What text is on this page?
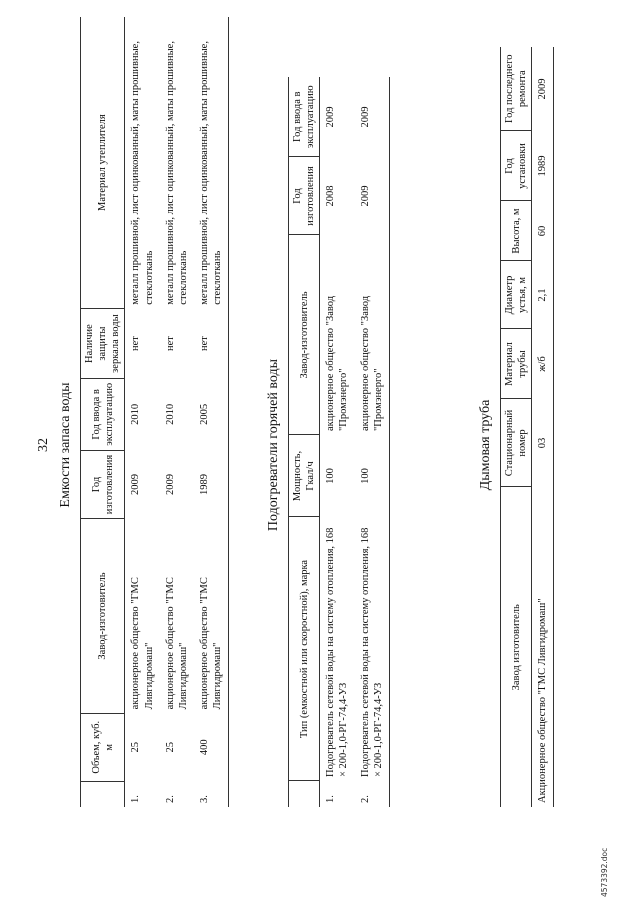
32 Емкости запаса воды
	Объем, куб. м	Завод-изготовитель	Год изготовления	Год ввода в эксплуатацию	Наличие защиты зеркала воды	Материал утеплителя
1.	25	акционерное общество "ГМС Ливгидромаш"	2009	2010	нет	металл прошивной, лист оцинкованный, маты прошивные, стеклоткань
2.	25	акционерное общество "ГМС Ливгидромаш"	2009	2010	нет	металл прошивной, лист оцинкованный, маты прошивные, стеклоткань
3.	400	акционерное общество "ГМС Ливгидромаш"	1989	2005	нет	металл прошивной, лист оцинкованный, маты прошивные, стеклоткань
Подогреватели горячей воды
	Тип (емкостной или скоростной), марка	Мощность, Гкал/ч	Завод-изготовитель	Год изготовления	Год ввода в эксплуатацию
1.	Подогреватель сетевой воды на систему отопления, 168 × 200-1,0-РГ-74,4-УЗ	100	акционерное общество "Завод "Промэнерго"	2008	2009
2.	Подогреватель сетевой воды на систему отопления, 168 × 200-1,0-РГ-74,4-УЗ	100	акционерное общество "Завод "Промэнерго"	2009	2009
Дымовая труба
Завод изготовитель	Стационарный номер	Материал трубы	Диаметр устья, м	Высота, м	Год установки	Год последнего ремонта
Акционерное общество "ГМС Ливгидромаш"	03	ж/б	2,1	60	1989	2009
4573392.doc
